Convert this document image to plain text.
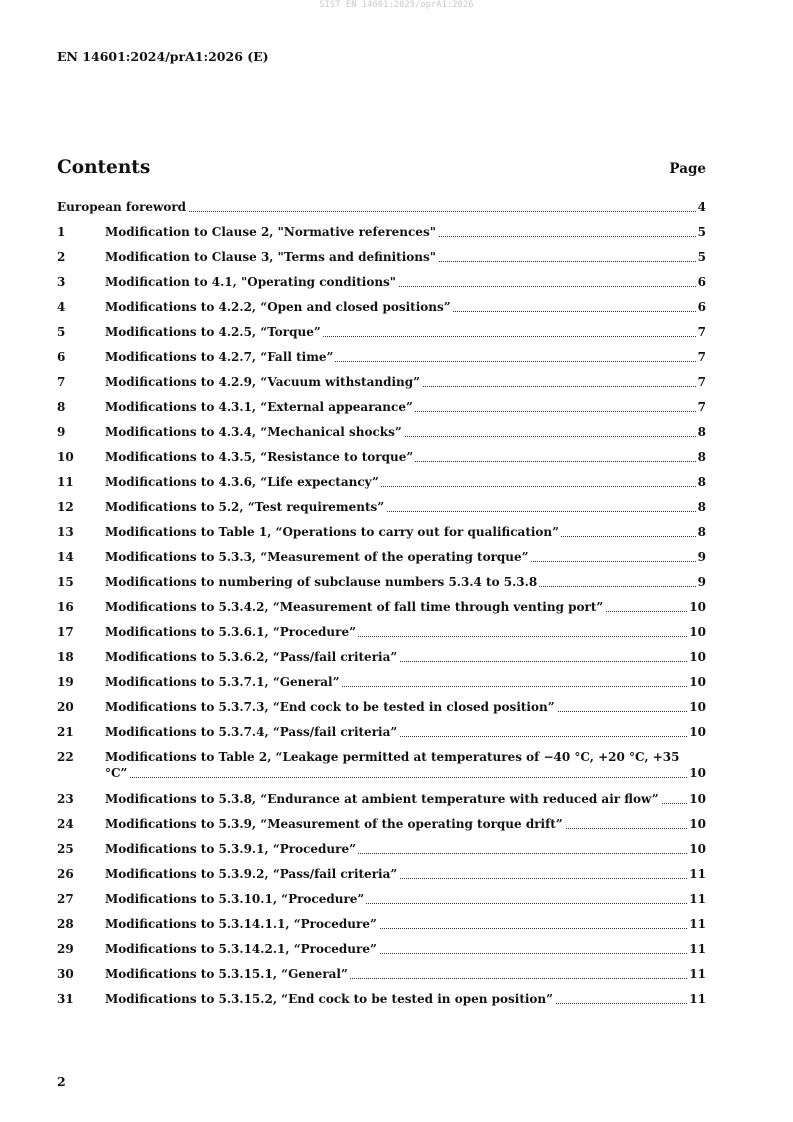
SIST EN 14601:2025/oprA1:2026
EN 14601:2024/prA1:2026 (E)
Contents	Page
European foreword	4
1	Modification to Clause 2, "Normative references"	5
2	Modification to Clause 3, "Terms and definitions"	5
3	Modification to 4.1, "Operating conditions"	6
4	Modifications to 4.2.2, “Open and closed positions”	6
5	Modifications to 4.2.5, “Torque”	7
6	Modifications to 4.2.7, “Fall time”	7
7	Modifications to 4.2.9, “Vacuum withstanding”	7
8	Modifications to 4.3.1, “External appearance”	7
9	Modifications to 4.3.4, “Mechanical shocks”	8
10	Modifications to 4.3.5, “Resistance to torque”	8
11	Modifications to 4.3.6, “Life expectancy”	8
12	Modifications to 5.2, “Test requirements”	8
13	Modifications to Table 1, “Operations to carry out for qualification”	8
14	Modifications to 5.3.3, “Measurement of the operating torque”	9
15	Modifications to numbering of subclause numbers 5.3.4 to 5.3.8	9
16	Modifications to 5.3.4.2, “Measurement of fall time through venting port”	10
17	Modifications to 5.3.6.1, “Procedure”	10
18	Modifications to 5.3.6.2, “Pass/fail criteria”	10
19	Modifications to 5.3.7.1, “General”	10
20	Modifications to 5.3.7.3, “End cock to be tested in closed position”	10
21	Modifications to 5.3.7.4, “Pass/fail criteria”	10
22	Modifications to Table 2, “Leakage permitted at temperatures of −40 °C, +20 °C, +35
°C”	10
23	Modifications to 5.3.8, “Endurance at ambient temperature with reduced air flow”	10
24	Modifications to 5.3.9, “Measurement of the operating torque drift”	10
25	Modifications to 5.3.9.1, “Procedure”	10
26	Modifications to 5.3.9.2, “Pass/fail criteria”	11
27	Modifications to 5.3.10.1, “Procedure”	11
28	Modifications to 5.3.14.1.1, “Procedure”	11
29	Modifications to 5.3.14.2.1, “Procedure”	11
30	Modifications to 5.3.15.1, “General”	11
31	Modifications to 5.3.15.2, “End cock to be tested in open position”	11
2
